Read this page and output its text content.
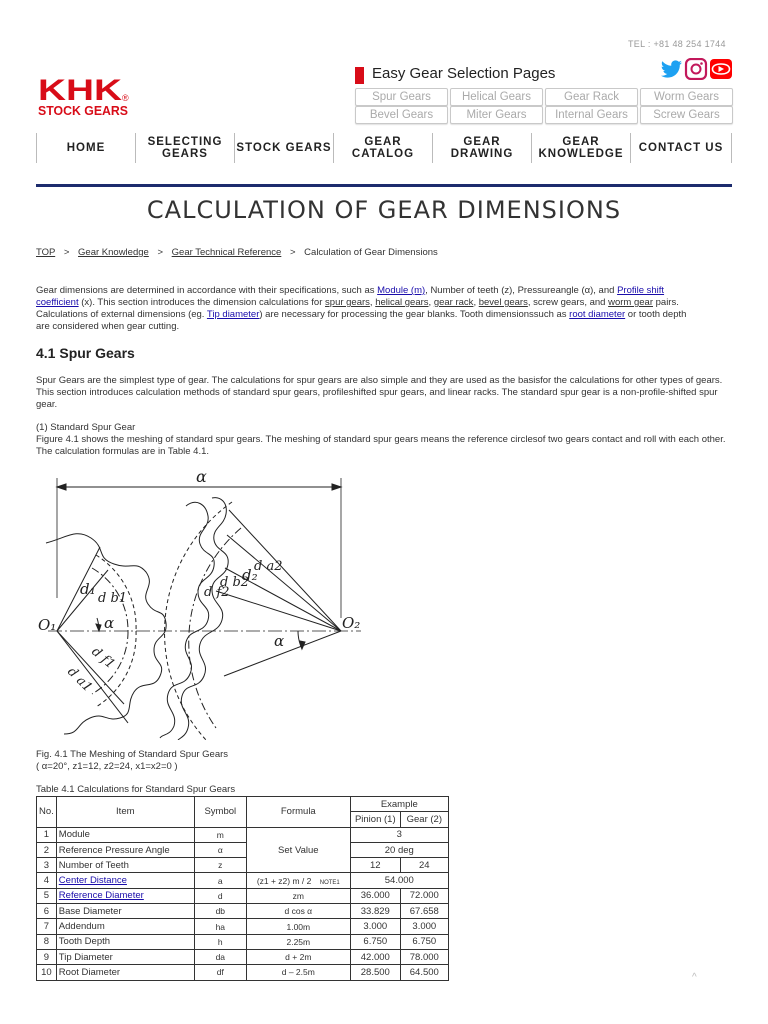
TEL : +81 48 254 1744
KHK ®
STOCK GEARS
Easy Gear Selection Pages
Spur Gears	Helical Gears	Gear Rack	Worm Gears
Bevel Gears	Miter Gears	Internal Gears	Screw Gears
HOME	SELECTING
GEARS	STOCK GEARS	GEAR
CATALOG
GEAR
DRAWING
GEAR
KNOWLEDGE CONTACT US
CALCULATION OF GEAR DIMENSIONS
TOP > Gear Knowledge > Gear Technical Reference > Calculation of Gear Dimensions
Gear dimensions are determined in accordance with their specifications, such as Module (m), Number of teeth (z), Pressureangle (α), and Profile shift
coefficient (x). This section introduces the dimension calculations for spur gears, helical gears, gear rack, bevel gears, screw gears, and worm gear pairs.
Calculations of external dimensions (eg. Tip diameter) are necessary for processing the gear blanks. Tooth dimensionssuch as root diameter or tooth depth
are considered when gear cutting.
4.1 Spur Gears
Spur Gears are the simplest type of gear. The calculations for spur gears are also simple and they are used as the basisfor the calculations for other types of gears. This section introduces calculation methods of standard spur gears, profileshifted spur gears, and linear racks. The standard spur gear is a non-profile-shifted spur gear.
(1) Standard Spur Gear
Figure 4.1 shows the meshing of standard spur gears. The meshing of standard spur gears means the reference circlesof two gears contact and roll with each other. The calculation formulas are in Table 4.1.
α
O₁	O₂
d₁
d b1
α
d f1
d a1
d a2
d₂
d b2
d f2
α
Fig. 4.1 The Meshing of Standard Spur Gears
( α=20°, z1=12, z2=24, x1=x2=0 )
Table 4.1 Calculations for Standard Spur Gears
No.	Item	Symbol	Formula	Example	
				Pinion (1)	Gear (2)
1	Module	m	Set Value	3	
2	Reference Pressure Angle	α		20 deg	
3	Number of Teeth	z		12	24
4	Center Distance	a	(z1 + z2) m / 2 NOTE1	54.000	
5	Reference Diameter	d	zm	36.000	72.000
6	Base Diameter	db	d cos α	33.829	67.658
7	Addendum	ha	1.00m	3.000	3.000
8	Tooth Depth	h	2.25m	6.750	6.750
9	Tip Diameter	da	d + 2m	42.000	78.000
10	Root Diameter	df	d – 2.5m	28.500	64.500	^
